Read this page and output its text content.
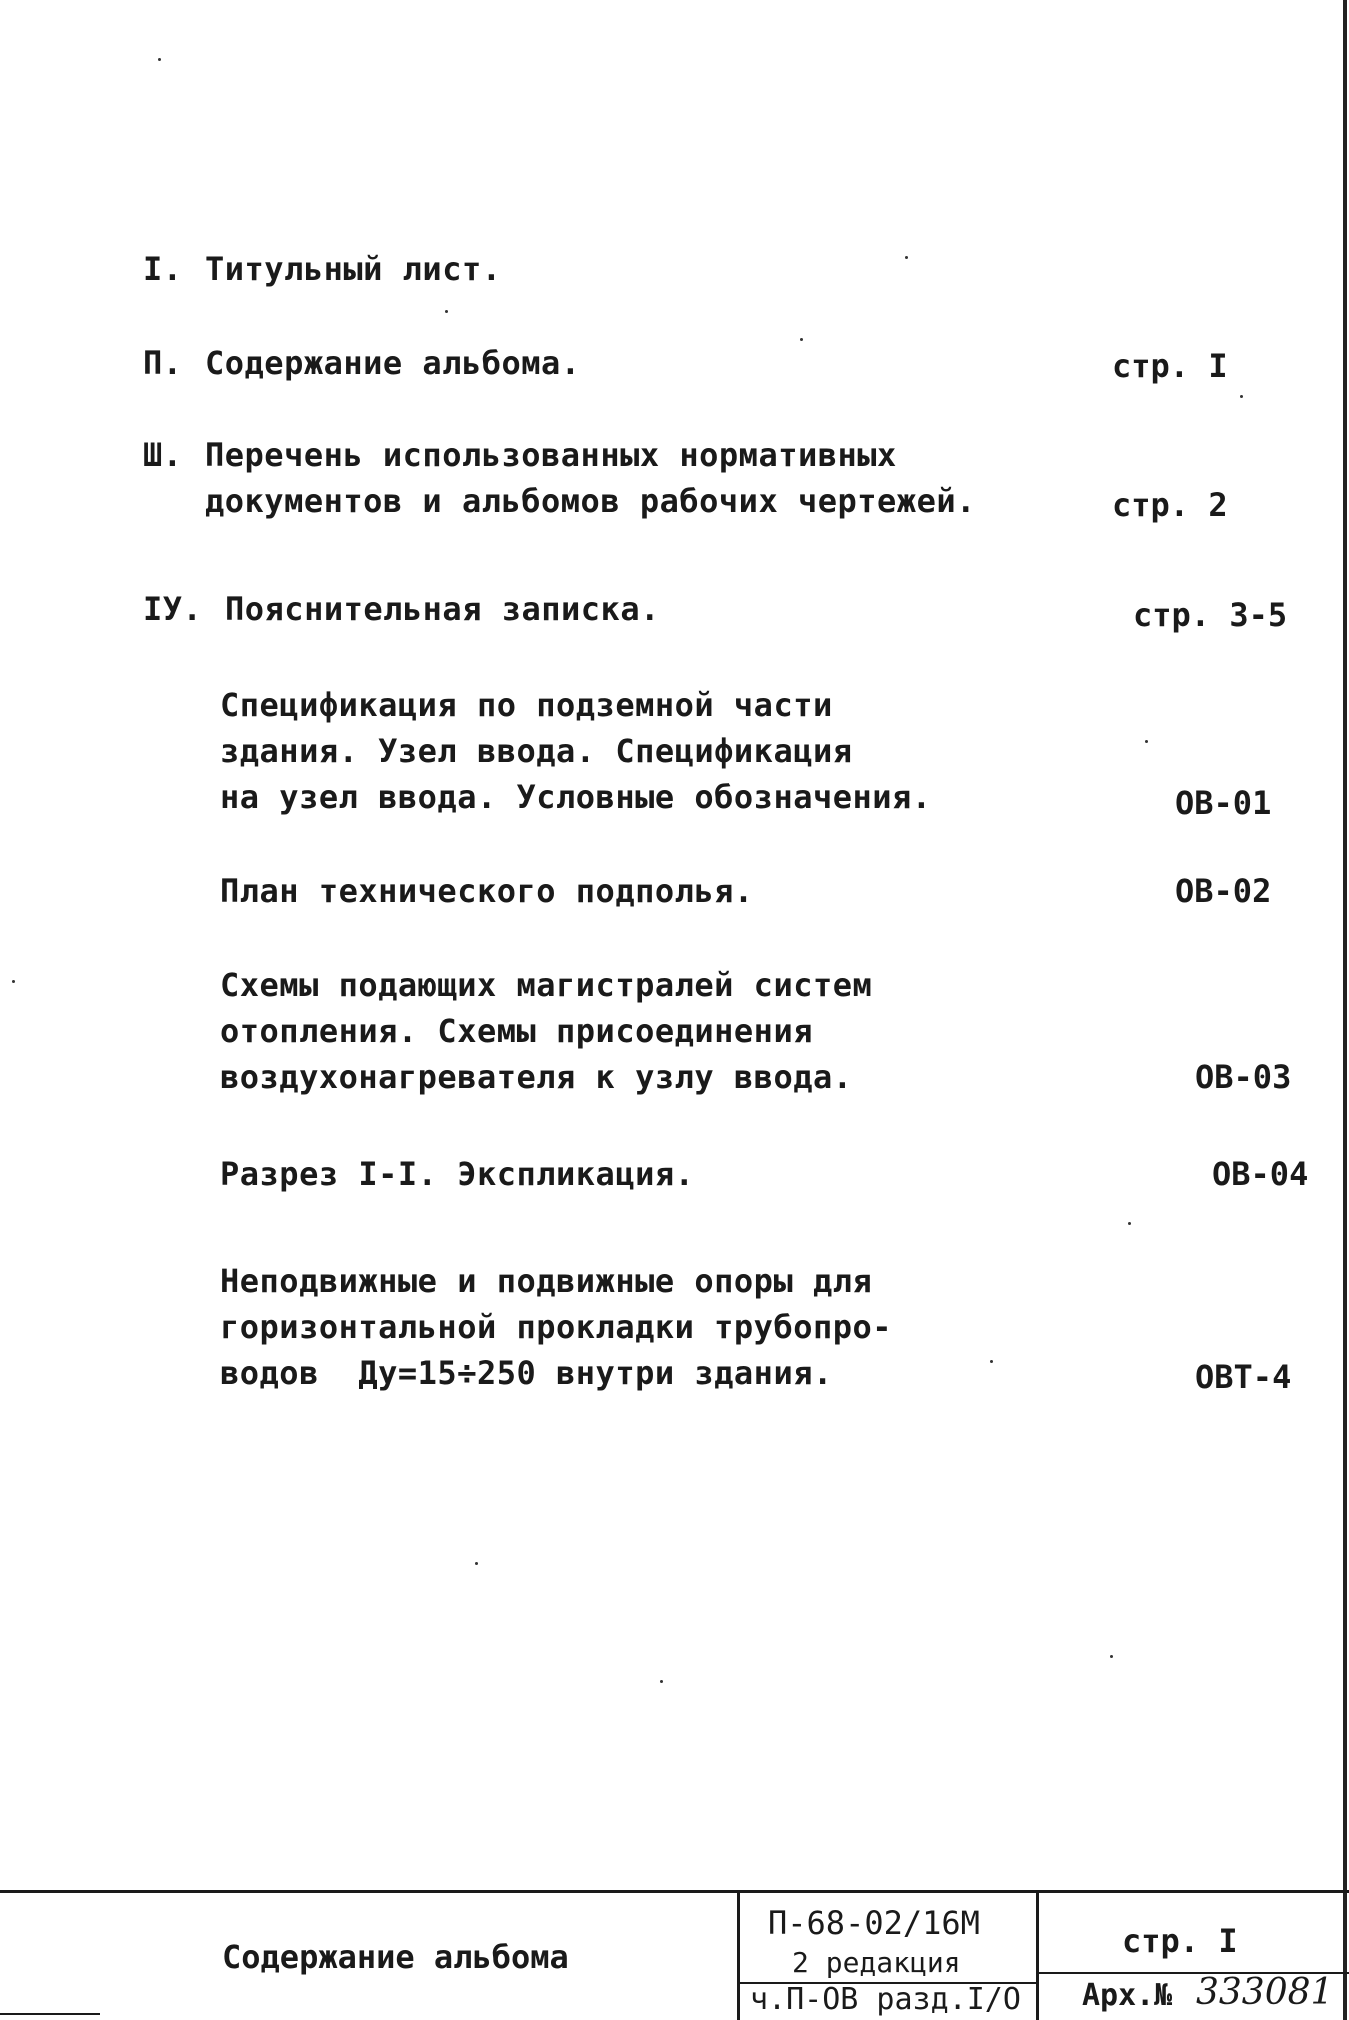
I. Титульный лист.
П. Содержание альбома.	стр. I
Ш. Перечень использованных нормативных
документов и альбомов рабочих чертежей.	стр. 2
IУ. Пояснительная записка.	стр. 3-5
Спецификация по подземной части
здания. Узел ввода. Спецификация
на узел ввода. Условные обозначения.	ОВ-01
План технического подполья.	ОВ-02
Схемы подающих магистралей систем
отопления. Схемы присоединения
воздухонагревателя к узлу ввода.	ОВ-03
Разрез I-I. Экспликация.	ОВ-04
Неподвижные и подвижные опоры для
горизонтальной прокладки трубопро-
водов  Ду=15÷250 внутри здания.	ОВТ-4
Содержание альбома
П-68-02/16М
2 редакция
ч.П-ОВ разд.I/О
стр. I
Арх.№ 333081
